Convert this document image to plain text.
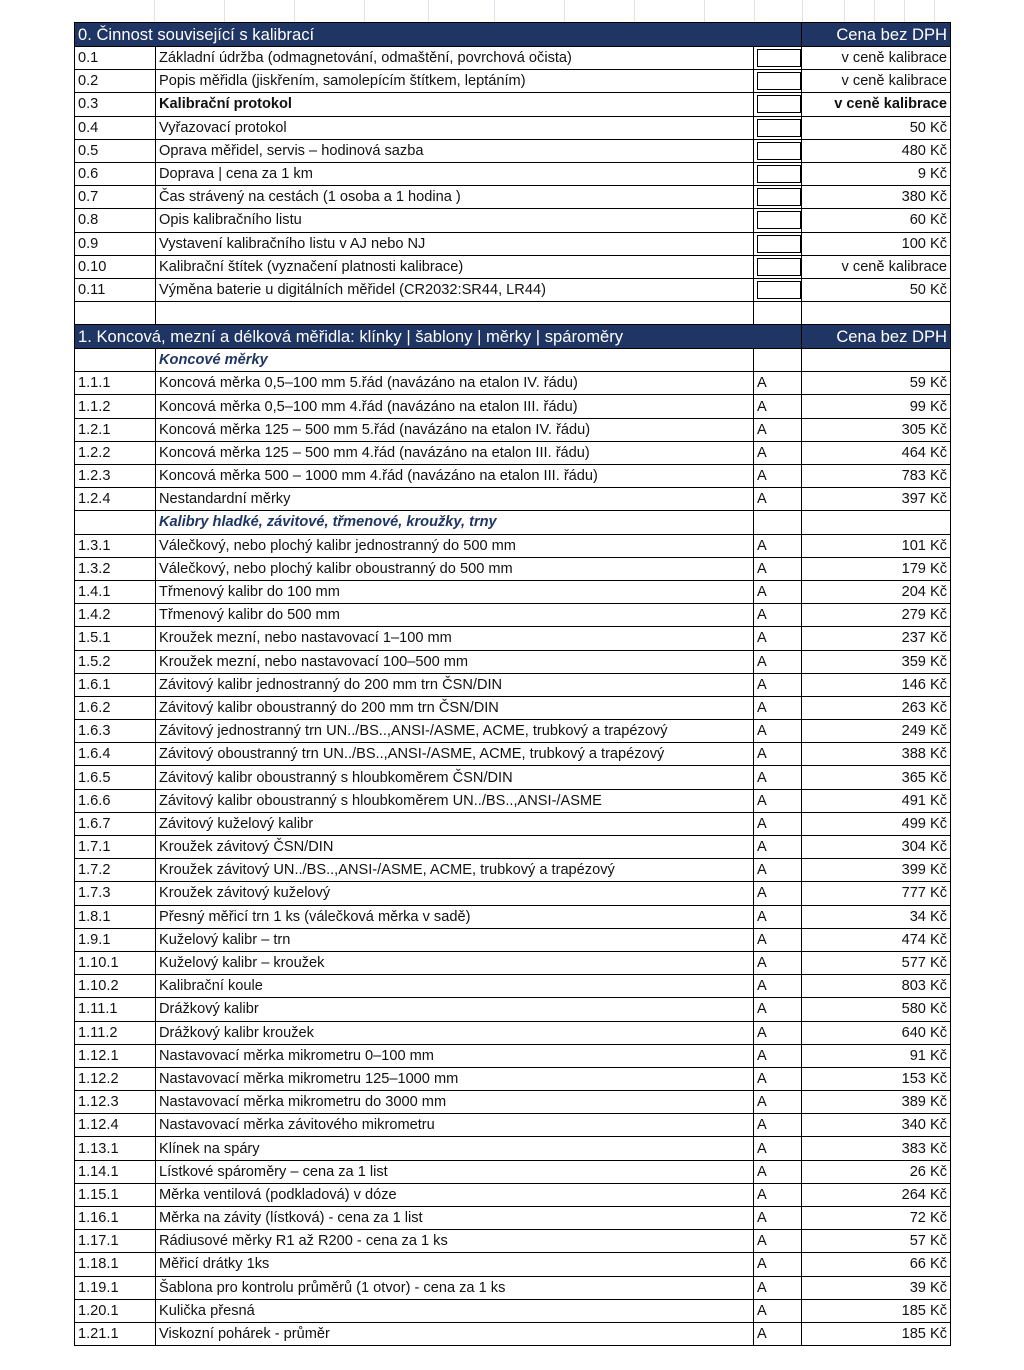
0. Činnost související s kalibrací			Cena bez DPH
0.1	Základní údržba (odmagnetování, odmaštění, povrchová očista)		v ceně kalibrace
0.2	Popis měřidla (jiskřením, samolepícím štítkem, leptáním)		v ceně kalibrace
0.3	Kalibrační protokol		v ceně kalibrace
0.4	Vyřazovací protokol		50 Kč
0.5	Oprava měřidel, servis – hodinová sazba		480 Kč
0.6	Doprava | cena za 1 km		9 Kč
0.7	Čas strávený na cestách (1 osoba a 1 hodina )		380 Kč
0.8	Opis kalibračního listu		60 Kč
0.9	Vystavení kalibračního listu v AJ nebo NJ		100 Kč
0.10	Kalibrační štítek (vyznačení platnosti kalibrace)		v ceně kalibrace
0.11	Výměna baterie u digitálních měřidel (CR2032:SR44, LR44)		50 Kč

1. Koncová, mezní a délková měřidla: klínky | šablony | měrky | spároměry			Cena bez DPH
	Koncové měrky		
1.1.1	Koncová měrka 0,5–100 mm 5.řád (navázáno na etalon IV. řádu)	A	59 Kč
1.1.2	Koncová měrka 0,5–100 mm 4.řád (navázáno na etalon III. řádu)	A	99 Kč
1.2.1	Koncová měrka 125 – 500 mm 5.řád (navázáno na etalon IV. řádu)	A	305 Kč
1.2.2	Koncová měrka 125 – 500 mm 4.řád (navázáno na etalon III. řádu)	A	464 Kč
1.2.3	Koncová měrka 500 – 1000 mm 4.řád (navázáno na etalon III. řádu)	A	783 Kč
1.2.4	Nestandardní měrky	A	397 Kč
	Kalibry hladké, závitové, třmenové, kroužky, trny		
1.3.1	Válečkový, nebo plochý kalibr jednostranný do 500 mm	A	101 Kč
1.3.2	Válečkový, nebo plochý kalibr oboustranný do 500 mm	A	179 Kč
1.4.1	Třmenový kalibr do 100 mm	A	204 Kč
1.4.2	Třmenový kalibr do 500 mm	A	279 Kč
1.5.1	Kroužek mezní, nebo nastavovací 1–100 mm	A	237 Kč
1.5.2	Kroužek mezní, nebo nastavovací 100–500 mm	A	359 Kč
1.6.1	Závitový kalibr jednostranný do 200 mm trn ČSN/DIN	A	146 Kč
1.6.2	Závitový kalibr oboustranný do 200 mm trn ČSN/DIN	A	263 Kč
1.6.3	Závitový jednostranný trn UN../BS..,ANSI-/ASME, ACME, trubkový a trapézový	A	249 Kč
1.6.4	Závitový oboustranný trn UN../BS..,ANSI-/ASME, ACME, trubkový a trapézový	A	388 Kč
1.6.5	Závitový kalibr oboustranný s hloubkoměrem ČSN/DIN	A	365 Kč
1.6.6	Závitový kalibr oboustranný s hloubkoměrem UN../BS..,ANSI-/ASME	A	491 Kč
1.6.7	Závitový kuželový kalibr	A	499 Kč
1.7.1	Kroužek závitový ČSN/DIN	A	304 Kč
1.7.2	Kroužek závitový UN../BS..,ANSI-/ASME, ACME, trubkový a trapézový	A	399 Kč
1.7.3	Kroužek závitový kuželový	A	777 Kč
1.8.1	Přesný měřicí trn 1 ks (válečková měrka v sadě)	A	34 Kč
1.9.1	Kuželový kalibr – trn	A	474 Kč
1.10.1	Kuželový kalibr – kroužek	A	577 Kč
1.10.2	Kalibrační koule	A	803 Kč
1.11.1	Drážkový kalibr	A	580 Kč
1.11.2	Drážkový kalibr kroužek	A	640 Kč
1.12.1	Nastavovací měrka mikrometru 0–100 mm	A	91 Kč
1.12.2	Nastavovací měrka mikrometru 125–1000 mm	A	153 Kč
1.12.3	Nastavovací měrka mikrometru do 3000 mm	A	389 Kč
1.12.4	Nastavovací měrka závitového mikrometru	A	340 Kč
1.13.1	Klínek na spáry	A	383 Kč
1.14.1	Lístkové spároměry – cena za 1 list	A	26 Kč
1.15.1	Měrka ventilová (podkladová) v dóze	A	264 Kč
1.16.1	Měrka na závity (lístková) - cena za 1 list	A	72 Kč
1.17.1	Rádiusové měrky R1 až R200 - cena za 1 ks	A	57 Kč
1.18.1	Měřicí drátky 1ks	A	66 Kč
1.19.1	Šablona pro kontrolu průměrů (1 otvor) - cena za 1 ks	A	39 Kč
1.20.1	Kulička přesná	A	185 Kč
1.21.1	Viskozní pohárek - průměr	A	185 Kč
